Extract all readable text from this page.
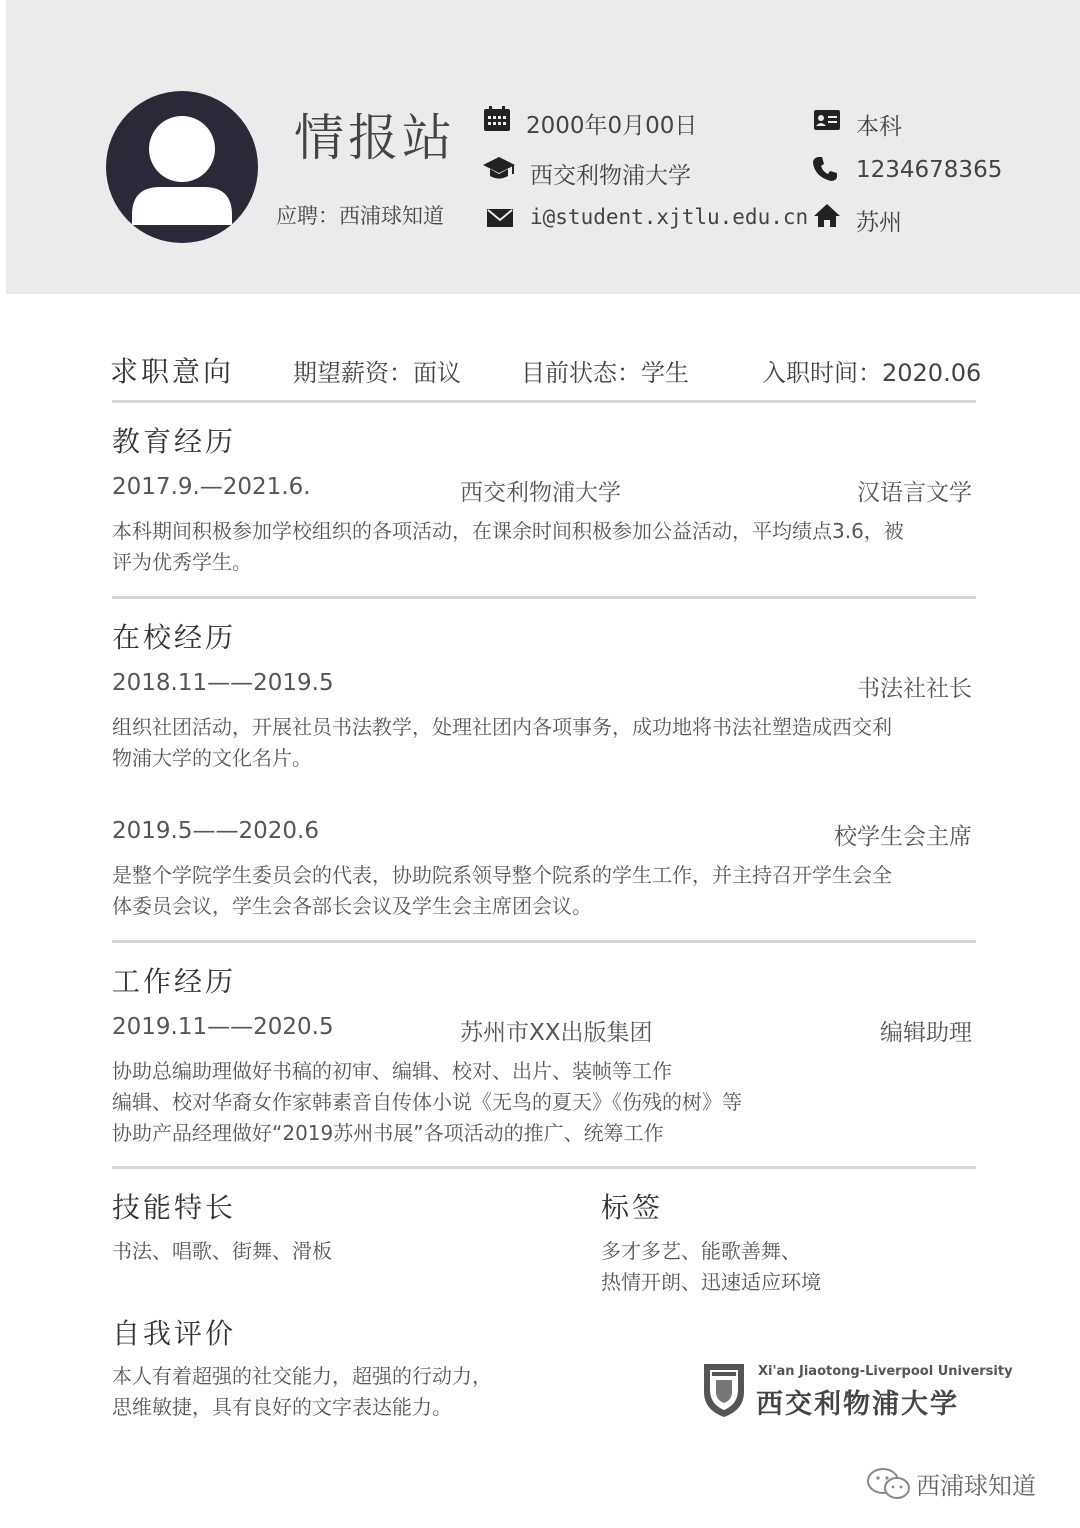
情报站
应聘：西浦球知道
2000年0月00日
西交利物浦大学
i@student.xjtlu.edu.cn
本科
1234678365
苏州
求职意向 期望薪资：面议	目前状态：学生	入职时间：2020.06
教育经历
2017.9.—2021.6.	西交利物浦大学	汉语言文学
本科期间积极参加学校组织的各项活动，在课余时间积极参加公益活动，平均绩点3.6，被
评为优秀学生。
在校经历
2018.11——2019.5	书法社社长
组织社团活动，开展社员书法教学，处理社团内各项事务，成功地将书法社塑造成西交利
物浦大学的文化名片。
2019.5——2020.6	校学生会主席
是整个学院学生委员会的代表，协助院系领导整个院系的学生工作，并主持召开学生会全
体委员会议，学生会各部长会议及学生会主席团会议。
工作经历
2019.11——2020.5	苏州市XX出版集团	编辑助理
协助总编助理做好书稿的初审、编辑、校对、出片、装帧等工作
编辑、校对华裔女作家韩素音自传体小说《无鸟的夏天》《伤残的树》等
协助产品经理做好“2019苏州书展”各项活动的推广、统筹工作
技能特长
书法、唱歌、街舞、滑板
标签
多才多艺、能歌善舞、
热情开朗、迅速适应环境
自我评价
本人有着超强的社交能力，超强的行动力，
思维敏捷，具有良好的文字表达能力。
Xi'an Jiaotong-Liverpool University
西交利物浦大学
西浦球知道
